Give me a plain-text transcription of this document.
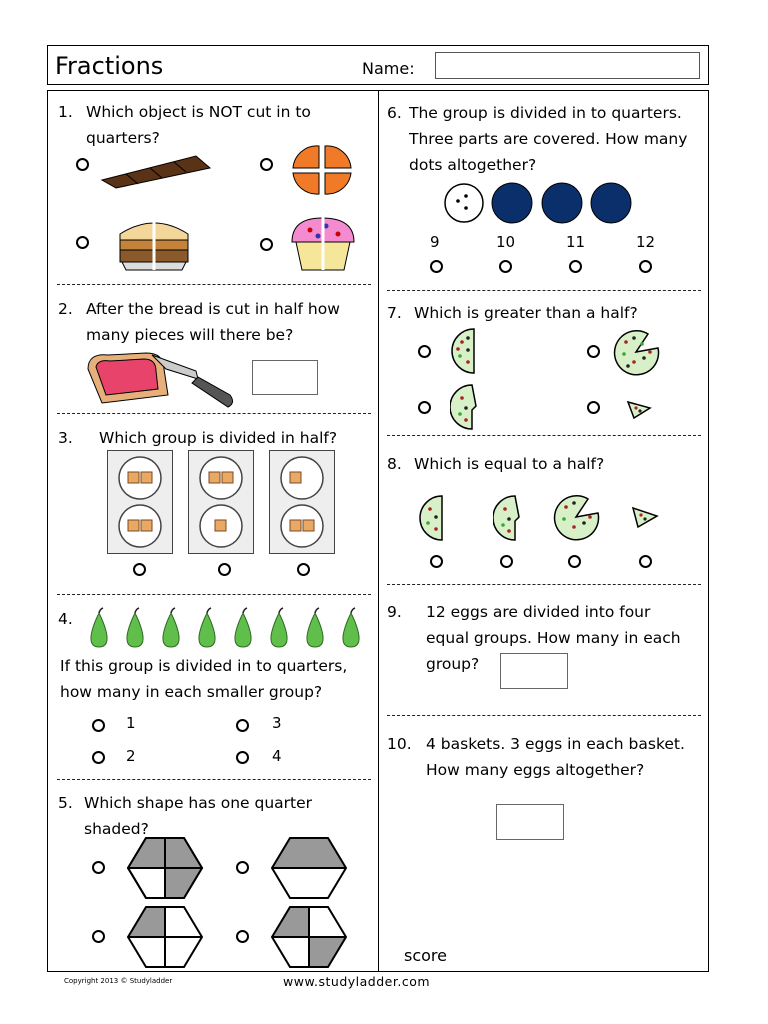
Fractions	Name:
1. Which object is NOT cut in to quarters?
2. After the bread is cut in half how many pieces will there be?
3. Which group is divided in half?
4.
If this group is divided in to quarters, how many in each smaller group?
1	3
2	4
5. Which shape has one quarter shaded?
6. The group is divided in to quarters. Three parts are covered. How many dots altogether?
9	10	11	12
7. Which is greater than a half?
8. Which is equal to a half?
9. 12 eggs are divided into four equal groups. How many in each group?
10. 4 baskets. 3 eggs in each basket. How many eggs altogether?
score
Copyright 2013 © Studyladder	www.studyladder.com
